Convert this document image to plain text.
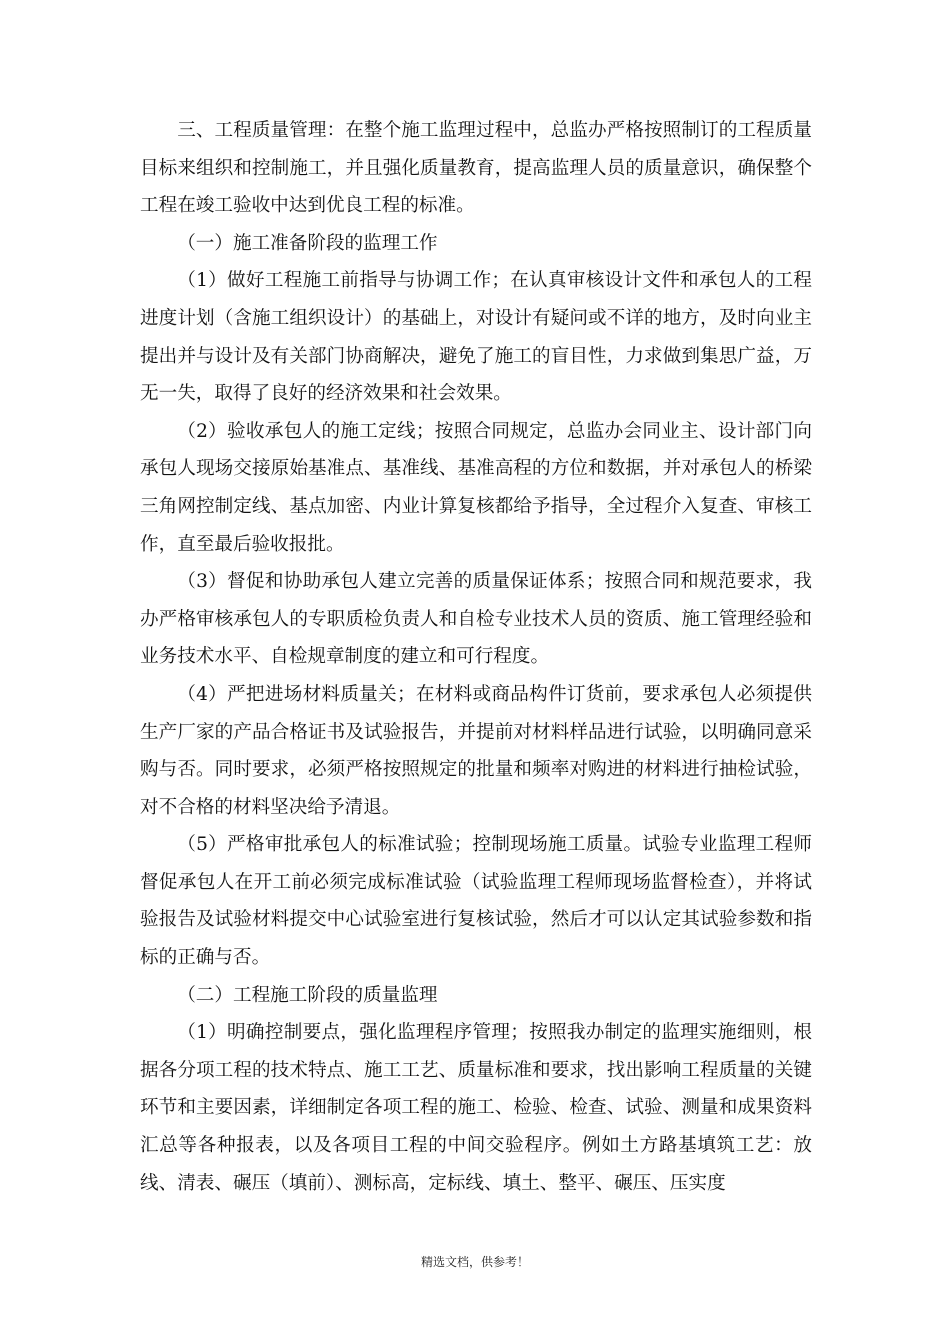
三、工程质量管理：在整个施工监理过程中，总监办严格按照制订的工程质量目标来组织和控制施工，并且强化质量教育，提高监理人员的质量意识，确保整个工程在竣工验收中达到优良工程的标准。

（一）施工准备阶段的监理工作

（1）做好工程施工前指导与协调工作；在认真审核设计文件和承包人的工程进度计划（含施工组织设计）的基础上，对设计有疑问或不详的地方，及时向业主提出并与设计及有关部门协商解决，避免了施工的盲目性，力求做到集思广益，万无一失，取得了良好的经济效果和社会效果。

（2）验收承包人的施工定线；按照合同规定，总监办会同业主、设计部门向承包人现场交接原始基准点、基准线、基准高程的方位和数据，并对承包人的桥梁三角网控制定线、基点加密、内业计算复核都给予指导，全过程介入复查、审核工作，直至最后验收报批。

（3）督促和协助承包人建立完善的质量保证体系；按照合同和规范要求，我办严格审核承包人的专职质检负责人和自检专业技术人员的资质、施工管理经验和业务技术水平、自检规章制度的建立和可行程度。

（4）严把进场材料质量关；在材料或商品构件订货前，要求承包人必须提供生产厂家的产品合格证书及试验报告，并提前对材料样品进行试验，以明确同意采购与否。同时要求，必须严格按照规定的批量和频率对购进的材料进行抽检试验，对不合格的材料坚决给予清退。

（5）严格审批承包人的标准试验；控制现场施工质量。试验专业监理工程师督促承包人在开工前必须完成标准试验（试验监理工程师现场监督检查），并将试验报告及试验材料提交中心试验室进行复核试验，然后才可以认定其试验参数和指标的正确与否。

（二）工程施工阶段的质量监理

（1）明确控制要点，强化监理程序管理；按照我办制定的监理实施细则，根据各分项工程的技术特点、施工工艺、质量标准和要求，找出影响工程质量的关键环节和主要因素，详细制定各项工程的施工、检验、检查、试验、测量和成果资料汇总等各种报表，以及各项目工程的中间交验程序。例如土方路基填筑工艺：放线、清表、碾压（填前）、测标高，定标线、填土、整平、碾压、压实度

精选文档，供参考！
